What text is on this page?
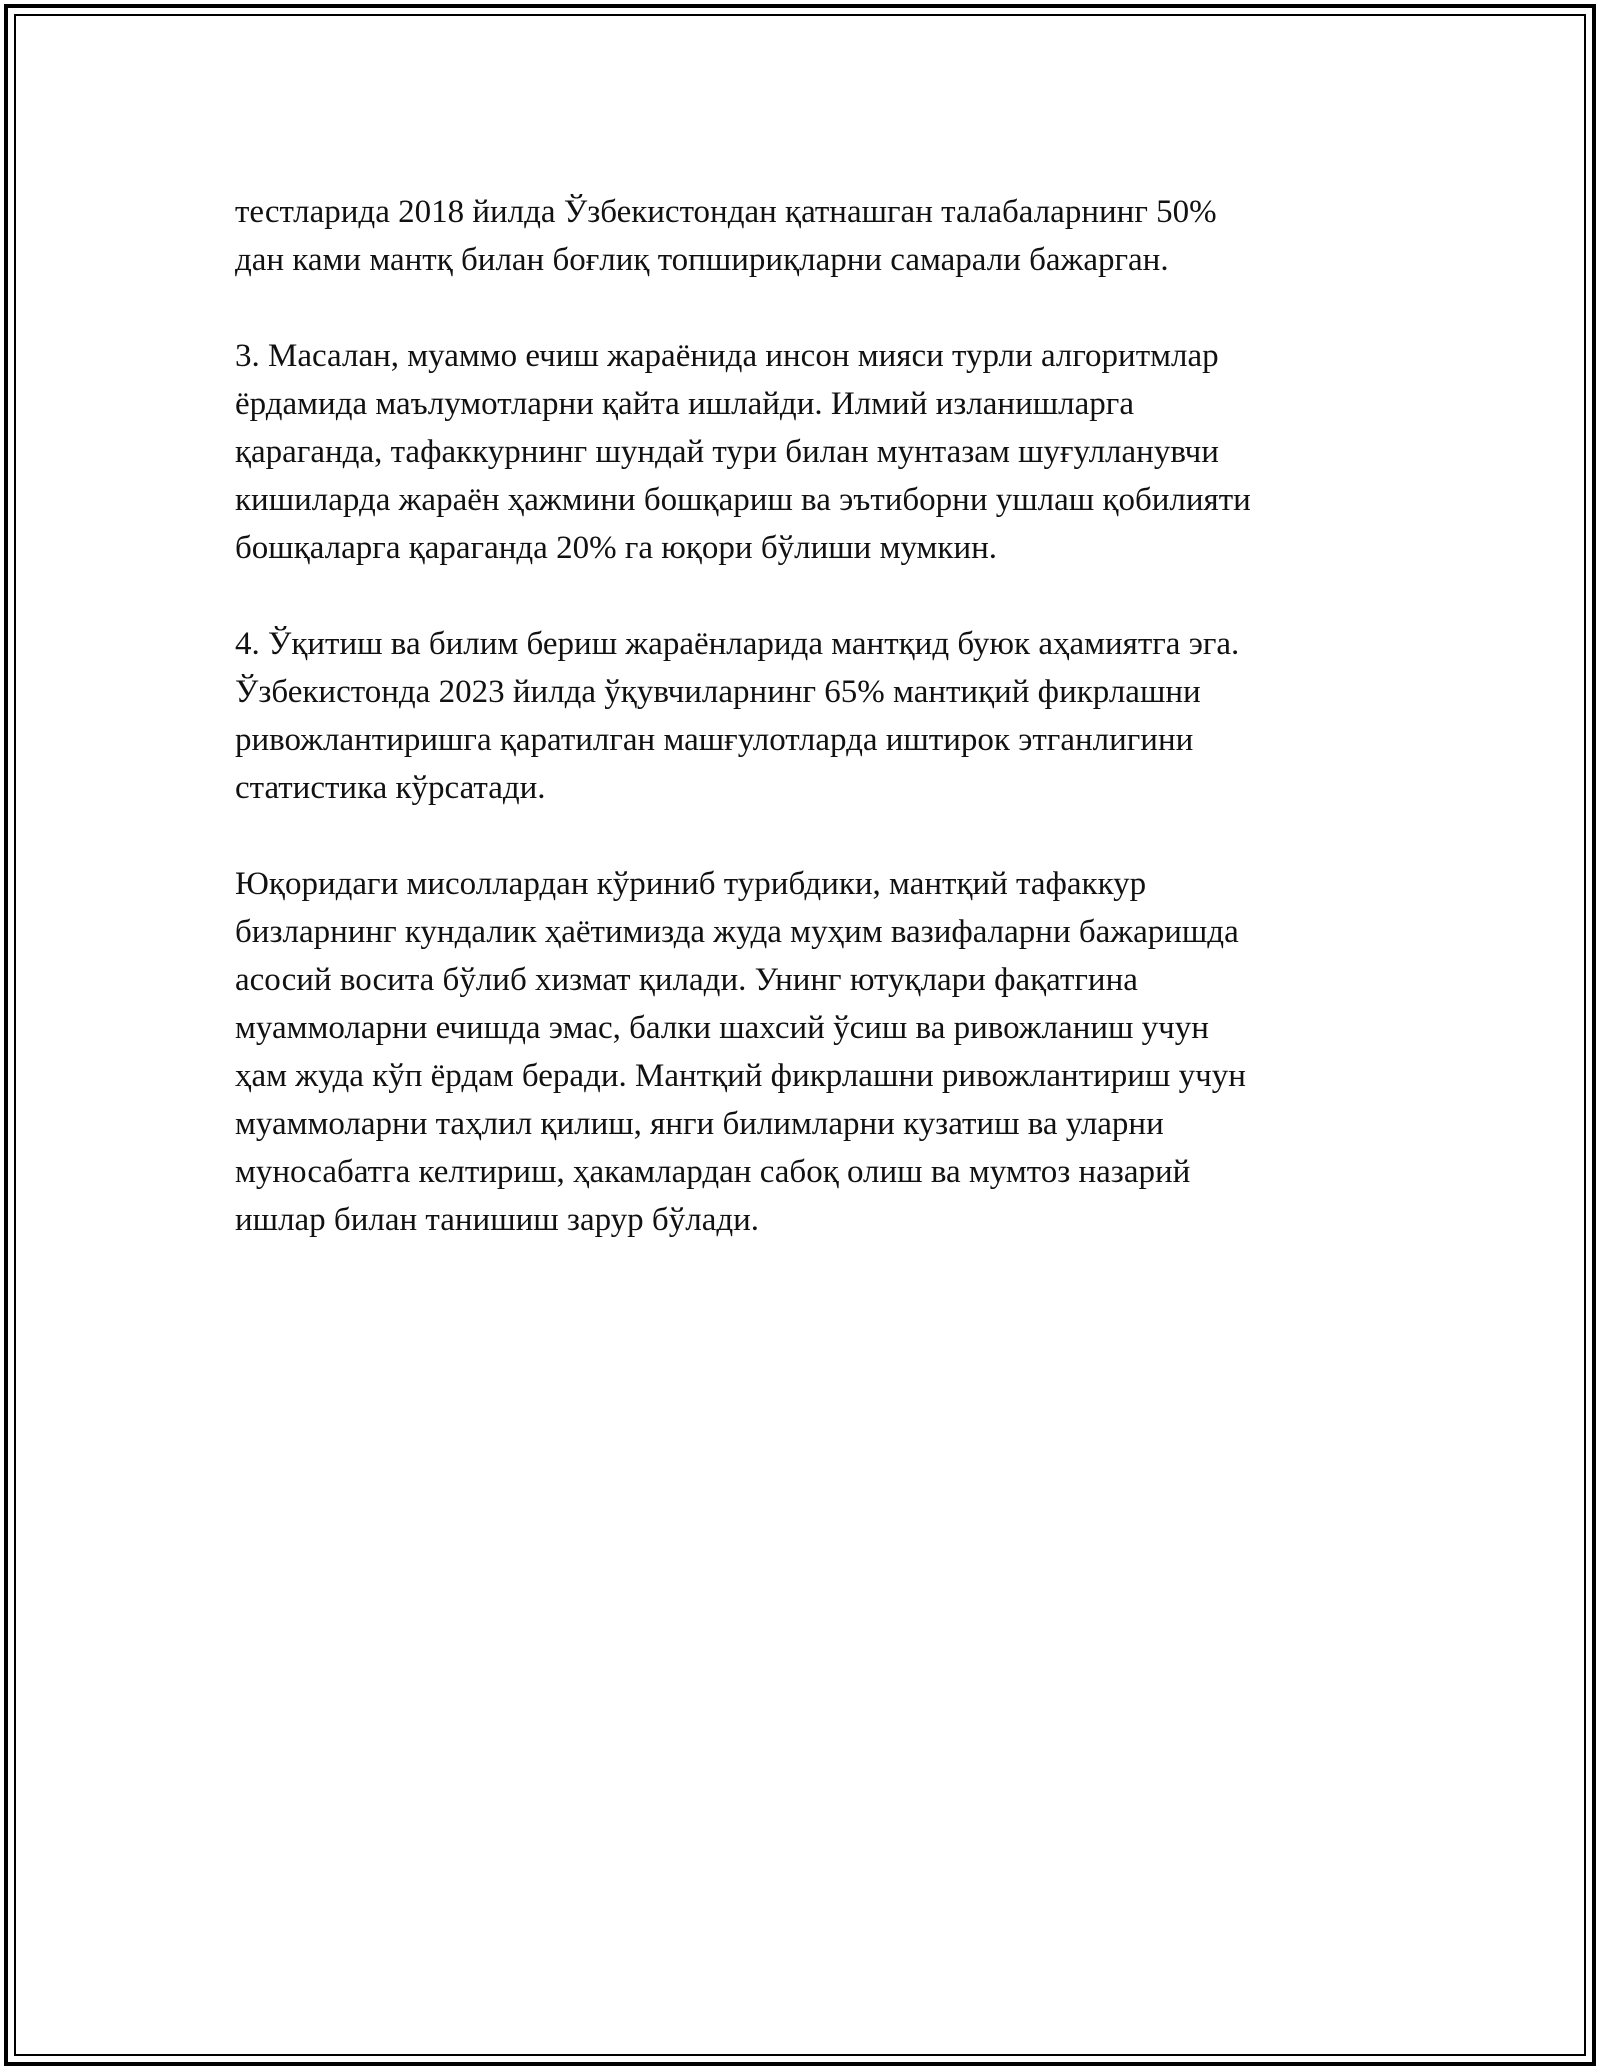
тестларида 2018 йилда Ўзбекистондан қатнашган талабаларнинг 50%
дан ками мантқ билан боғлиқ топшириқларни самарали бажарган.
3. Масалан, муаммо ечиш жараёнида инсон мияси турли алгоритмлар
ёрдамида маълумотларни қайта ишлайди. Илмий изланишларга
қараганда, тафаккурнинг шундай тури билан мунтазам шуғулланувчи
кишиларда жараён ҳажмини бошқариш ва эътиборни ушлаш қобилияти
бошқаларга қараганда 20% га юқори бўлиши мумкин.
4. Ўқитиш ва билим бериш жараёнларида мантқид буюк аҳамиятга эга.
Ўзбекистонда 2023 йилда ўқувчиларнинг 65% мантиқий фикрлашни
ривожлантиришга қаратилган машғулотларда иштирок этганлигини
статистика кўрсатади.
Юқоридаги мисоллардан кўриниб турибдики, мантқий тафаккур
бизларнинг кундалик ҳаётимизда жуда муҳим вазифаларни бажаришда
асосий восита бўлиб хизмат қилади. Унинг ютуқлари фақатгина
муаммоларни ечишда эмас, балки шахсий ўсиш ва ривожланиш учун
ҳам жуда кўп ёрдам беради. Мантқий фикрлашни ривожлантириш учун
муаммоларни таҳлил қилиш, янги билимларни кузатиш ва уларни
муносабатга келтириш, ҳакамлардан сабоқ олиш ва мумтоз назарий
ишлар билан танишиш зарур бўлади.
